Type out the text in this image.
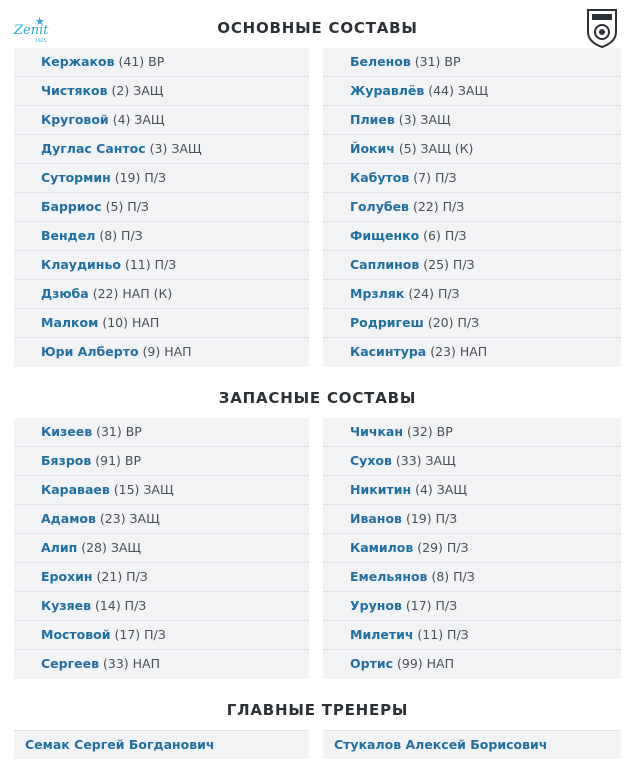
Zenit
1925
ОСНОВНЫЕ СОСТАВЫ
Кержаков (41) ВР
Чистяков (2) ЗАЩ
Круговой (4) ЗАЩ
Дуглас Сантос (3) ЗАЩ
Сутормин (19) П/З
Барриос (5) П/З
Вендел (8) П/З
Клаудиньо (11) П/З
Дзюба (22) НАП (К)
Малком (10) НАП
Юри Алберто (9) НАП
Беленов (31) ВР
Журавлёв (44) ЗАЩ
Плиев (3) ЗАЩ
Йокич (5) ЗАЩ (К)
Кабутов (7) П/З
Голубев (22) П/З
Фищенко (6) П/З
Саплинов (25) П/З
Мрзляк (24) П/З
Родригеш (20) П/З
Касинтура (23) НАП
ЗАПАСНЫЕ СОСТАВЫ
Кизеев (31) ВР
Бязров (91) ВР
Караваев (15) ЗАЩ
Адамов (23) ЗАЩ
Алип (28) ЗАЩ
Ерохин (21) П/З
Кузяев (14) П/З
Мостовой (17) П/З
Сергеев (33) НАП
Чичкан (32) ВР
Сухов (33) ЗАЩ
Никитин (4) ЗАЩ
Иванов (19) П/З
Камилов (29) П/З
Емельянов (8) П/З
Урунов (17) П/З
Милетич (11) П/З
Ортис (99) НАП
ГЛАВНЫЕ ТРЕНЕРЫ
Семак Сергей Богданович	Стукалов Алексей Борисович
